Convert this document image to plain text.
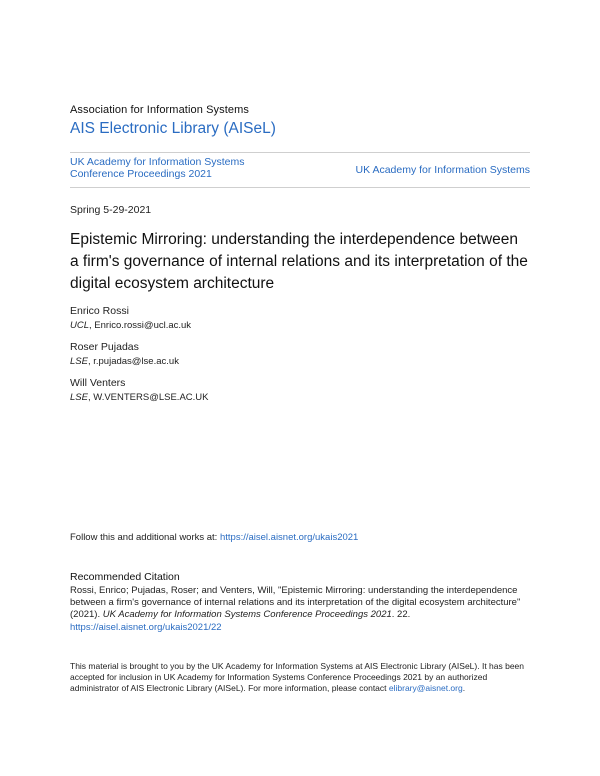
Association for Information Systems
AIS Electronic Library (AISeL)
UK Academy for Information Systems
Conference Proceedings 2021	UK Academy for Information Systems
Spring 5-29-2021
Epistemic Mirroring: understanding the interdependence between a firm's governance of internal relations and its interpretation of the digital ecosystem architecture
Enrico Rossi
UCL, Enrico.rossi@ucl.ac.uk
Roser Pujadas
LSE, r.pujadas@lse.ac.uk
Will Venters
LSE, W.VENTERS@LSE.AC.UK
Follow this and additional works at: https://aisel.aisnet.org/ukais2021
Recommended Citation
Rossi, Enrico; Pujadas, Roser; and Venters, Will, "Epistemic Mirroring: understanding the interdependence between a firm's governance of internal relations and its interpretation of the digital ecosystem architecture" (2021). UK Academy for Information Systems Conference Proceedings 2021. 22.
https://aisel.aisnet.org/ukais2021/22
This material is brought to you by the UK Academy for Information Systems at AIS Electronic Library (AISeL). It has been accepted for inclusion in UK Academy for Information Systems Conference Proceedings 2021 by an authorized administrator of AIS Electronic Library (AISeL). For more information, please contact elibrary@aisnet.org.
